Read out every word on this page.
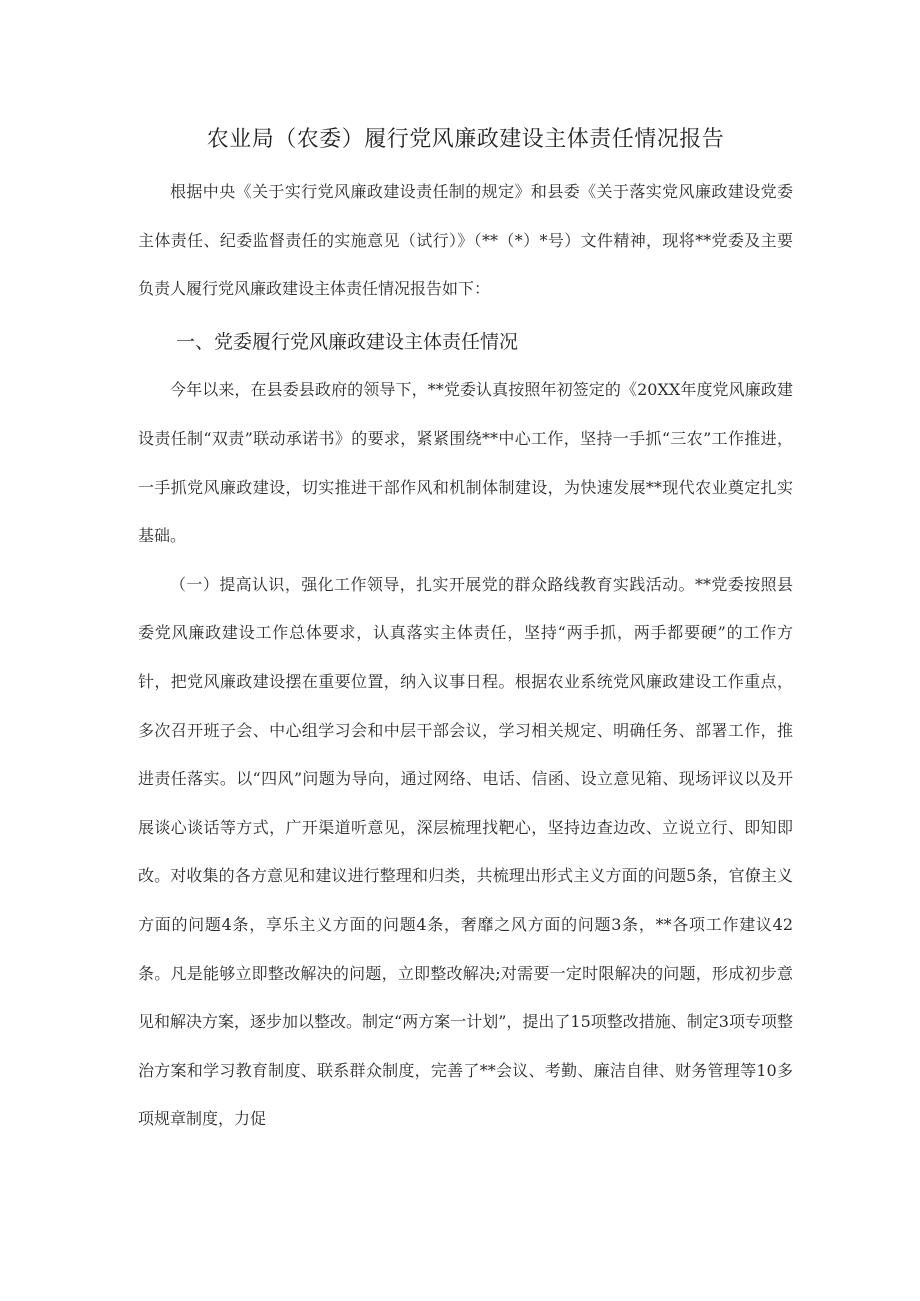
农业局（农委）履行党风廉政建设主体责任情况报告

根据中央《关于实行党风廉政建设责任制的规定》和县委《关于落实党风廉政建设党委主体责任、纪委监督责任的实施意见（试行）》（**（*）*号）文件精神，现将**党委及主要负责人履行党风廉政建设主体责任情况报告如下：

一、党委履行党风廉政建设主体责任情况

今年以来，在县委县政府的领导下，**党委认真按照年初签定的《20XX年度党风廉政建设责任制“双责”联动承诺书》的要求，紧紧围绕**中心工作，坚持一手抓“三农”工作推进，一手抓党风廉政建设，切实推进干部作风和机制体制建设，为快速发展**现代农业奠定扎实基础。

（一）提高认识，强化工作领导，扎实开展党的群众路线教育实践活动。**党委按照县委党风廉政建设工作总体要求，认真落实主体责任，坚持“两手抓，两手都要硬”的工作方针，把党风廉政建设摆在重要位置，纳入议事日程。根据农业系统党风廉政建设工作重点，多次召开班子会、中心组学习会和中层干部会议，学习相关规定、明确任务、部署工作，推进责任落实。以“四风”问题为导向，通过网络、电话、信函、设立意见箱、现场评议以及开展谈心谈话等方式，广开渠道听意见，深层梳理找靶心，坚持边查边改、立说立行、即知即改。对收集的各方意见和建议进行整理和归类，共梳理出形式主义方面的问题5条，官僚主义方面的问题4条，享乐主义方面的问题4条，奢靡之风方面的问题3条，**各项工作建议42条。凡是能够立即整改解决的问题，立即整改解决;对需要一定时限解决的问题，形成初步意见和解决方案，逐步加以整改。制定“两方案一计划”，提出了15项整改措施、制定3项专项整治方案和学习教育制度、联系群众制度，完善了**会议、考勤、廉洁自律、财务管理等10多项规章制度，力促
